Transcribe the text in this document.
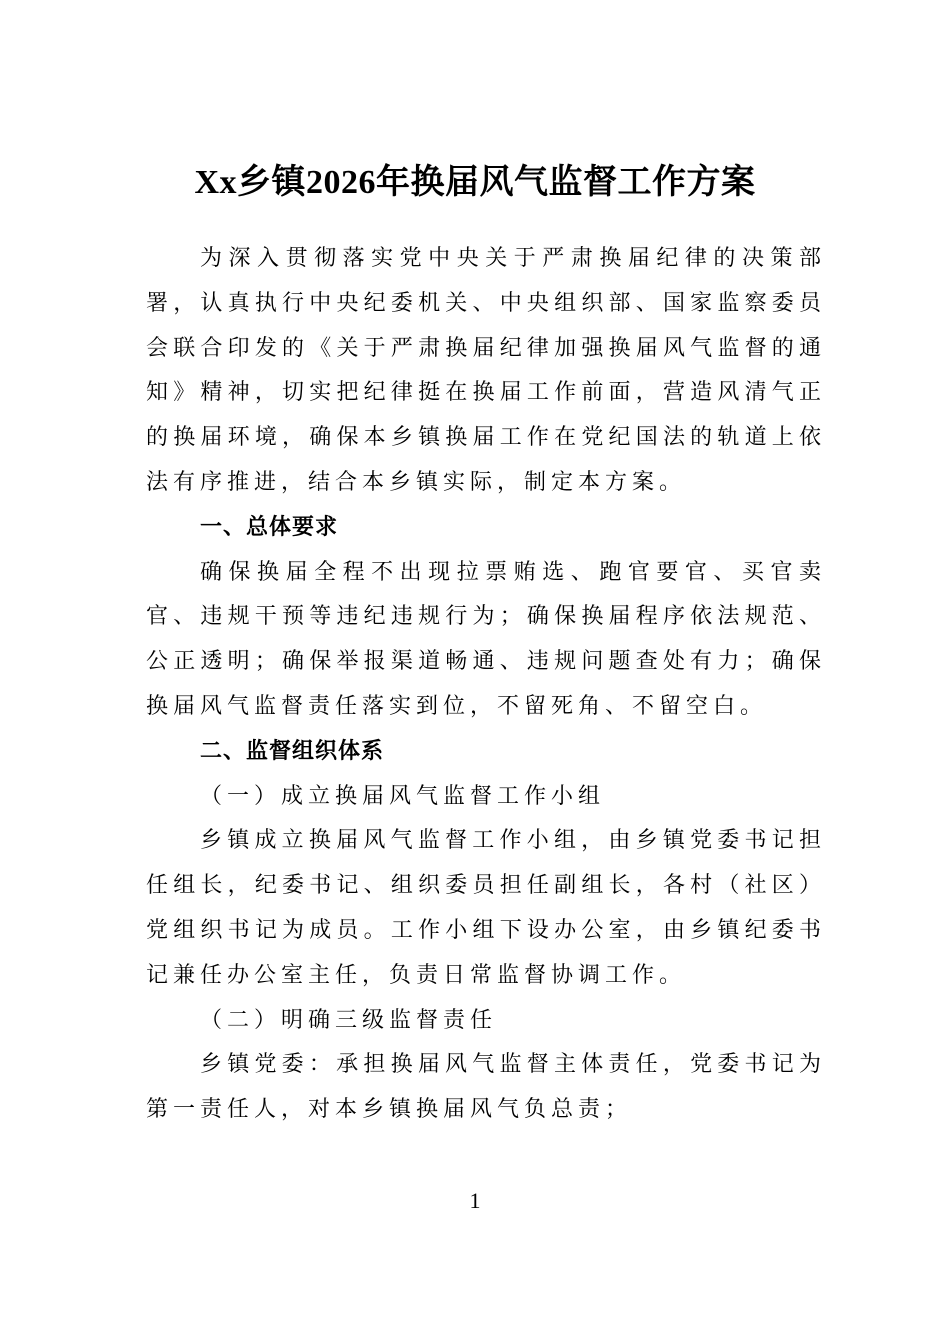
Xx乡镇2026年换届风气监督工作方案

为深入贯彻落实党中央关于严肃换届纪律的决策部署，认真执行中央纪委机关、中央组织部、国家监察委员会联合印发的《关于严肃换届纪律加强换届风气监督的通知》精神，切实把纪律挺在换届工作前面，营造风清气正的换届环境，确保本乡镇换届工作在党纪国法的轨道上依法有序推进，结合本乡镇实际，制定本方案。

一、总体要求

确保换届全程不出现拉票贿选、跑官要官、买官卖官、违规干预等违纪违规行为；确保换届程序依法规范、公正透明；确保举报渠道畅通、违规问题查处有力；确保换届风气监督责任落实到位，不留死角、不留空白。

二、监督组织体系

（一）成立换届风气监督工作小组

乡镇成立换届风气监督工作小组，由乡镇党委书记担任组长，纪委书记、组织委员担任副组长，各村（社区）党组织书记为成员。工作小组下设办公室，由乡镇纪委书记兼任办公室主任，负责日常监督协调工作。

（二）明确三级监督责任

乡镇党委：承担换届风气监督主体责任，党委书记为第一责任人，对本乡镇换届风气负总责；

1
